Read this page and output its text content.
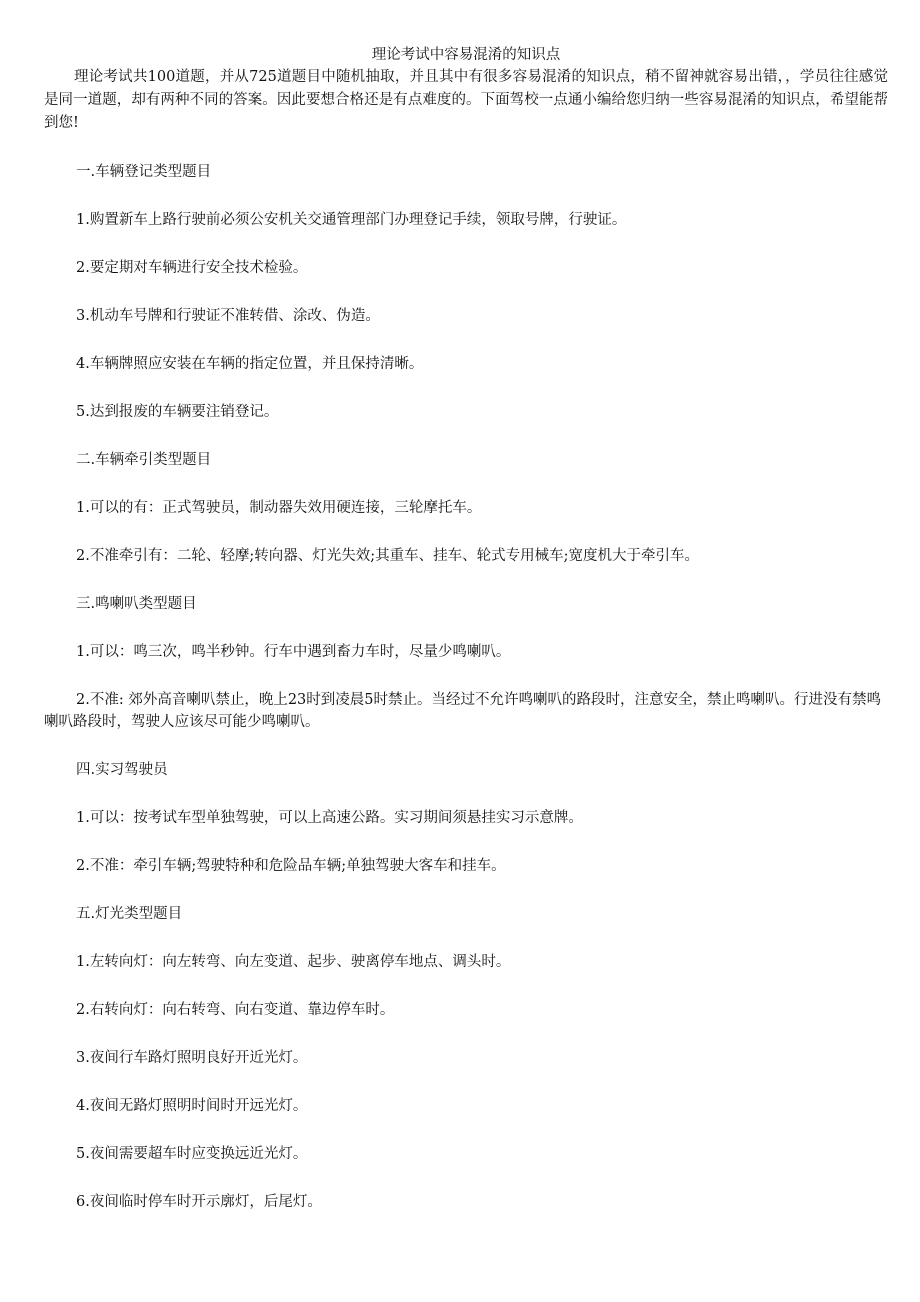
理论考试中容易混淆的知识点

理论考试共100道题，并从725道题目中随机抽取，并且其中有很多容易混淆的知识点，稍不留神就容易出错，，学员往往感觉是同一道题，却有两种不同的答案。因此要想合格还是有点难度的。下面驾校一点通小编给您归纳一些容易混淆的知识点，希望能帮到您!

一.车辆登记类型题目

1.购置新车上路行驶前必须公安机关交通管理部门办理登记手续，领取号牌，行驶证。

2.要定期对车辆进行安全技术检验。

3.机动车号牌和行驶证不准转借、涂改、伪造。

4.车辆牌照应安装在车辆的指定位置，并且保持清晰。

5.达到报废的车辆要注销登记。

二.车辆牵引类型题目

1.可以的有：正式驾驶员，制动器失效用硬连接，三轮摩托车。

2.不准牵引有：二轮、轻摩;转向器、灯光失效;其重车、挂车、轮式专用械车;宽度机大于牵引车。

三.鸣喇叭类型题目

1.可以：鸣三次，鸣半秒钟。行车中遇到畜力车时，尽量少鸣喇叭。

2.不准: 郊外高音喇叭禁止，晚上23时到凌晨5时禁止。当经过不允许鸣喇叭的路段时，注意安全，禁止鸣喇叭。行进没有禁鸣喇叭路段时，驾驶人应该尽可能少鸣喇叭。

四.实习驾驶员

1.可以：按考试车型单独驾驶，可以上高速公路。实习期间须悬挂实习示意牌。

2.不准：牵引车辆;驾驶特种和危险品车辆;单独驾驶大客车和挂车。

五.灯光类型题目

1.左转向灯：向左转弯、向左变道、起步、驶离停车地点、调头时。

2.右转向灯：向右转弯、向右变道、靠边停车时。

3.夜间行车路灯照明良好开近光灯。

4.夜间无路灯照明时间时开远光灯。

5.夜间需要超车时应变换远近光灯。

6.夜间临时停车时开示廓灯，后尾灯。
